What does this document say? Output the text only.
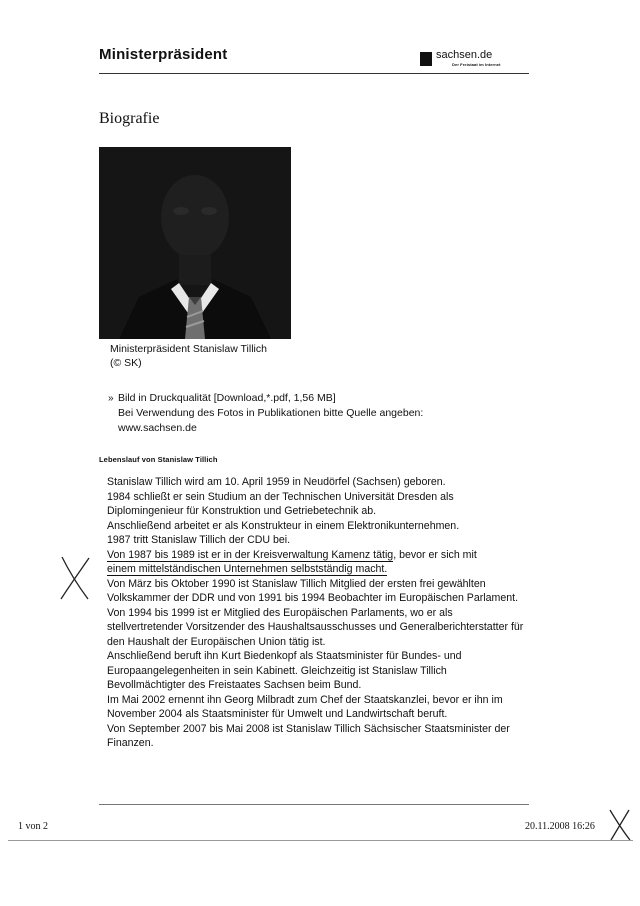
Ministerpräsident	sachsen.de
Der Freistaat im Internet
Biografie
Ministerpräsident Stanislaw Tillich
(© SK)
» Bild in Druckqualität [Download,*.pdf, 1,56 MB]
Bei Verwendung des Fotos in Publikationen bitte Quelle angeben:
www.sachsen.de
Lebenslauf von Stanislaw Tillich

Stanislaw Tillich wird am 10. April 1959 in Neudörfel (Sachsen) geboren.

1984 schließt er sein Studium an der Technischen Universität Dresden als Diplomingenieur für Konstruktion und Getriebetechnik ab.

Anschließend arbeitet er als Konstrukteur in einem Elektronikunternehmen.

1987 tritt Stanislaw Tillich der CDU bei.

Von 1987 bis 1989 ist er in der Kreisverwaltung Kamenz tätig, bevor er sich mit
einem mittelständischen Unternehmen selbstständig macht.

Von März bis Oktober 1990 ist Stanislaw Tillich Mitglied der ersten frei gewählten Volkskammer der DDR und von 1991 bis 1994 Beobachter im Europäischen Parlament.

Von 1994 bis 1999 ist er Mitglied des Europäischen Parlaments, wo er als stellvertretender Vorsitzender des Haushaltsausschusses und Generalberichterstatter für den Haushalt der Europäischen Union tätig ist.

Anschließend beruft ihn Kurt Biedenkopf als Staatsminister für Bundes- und Europaangelegenheiten in sein Kabinett. Gleichzeitig ist Stanislaw Tillich Bevollmächtigter des Freistaates Sachsen beim Bund.

Im Mai 2002 ernennt ihn Georg Milbradt zum Chef der Staatskanzlei, bevor er ihn im November 2004 als Staatsminister für Umwelt und Landwirtschaft beruft.

Von September 2007 bis Mai 2008 ist Stanislaw Tillich Sächsischer Staatsminister der Finanzen.

1 von 2	20.11.2008 16:26
